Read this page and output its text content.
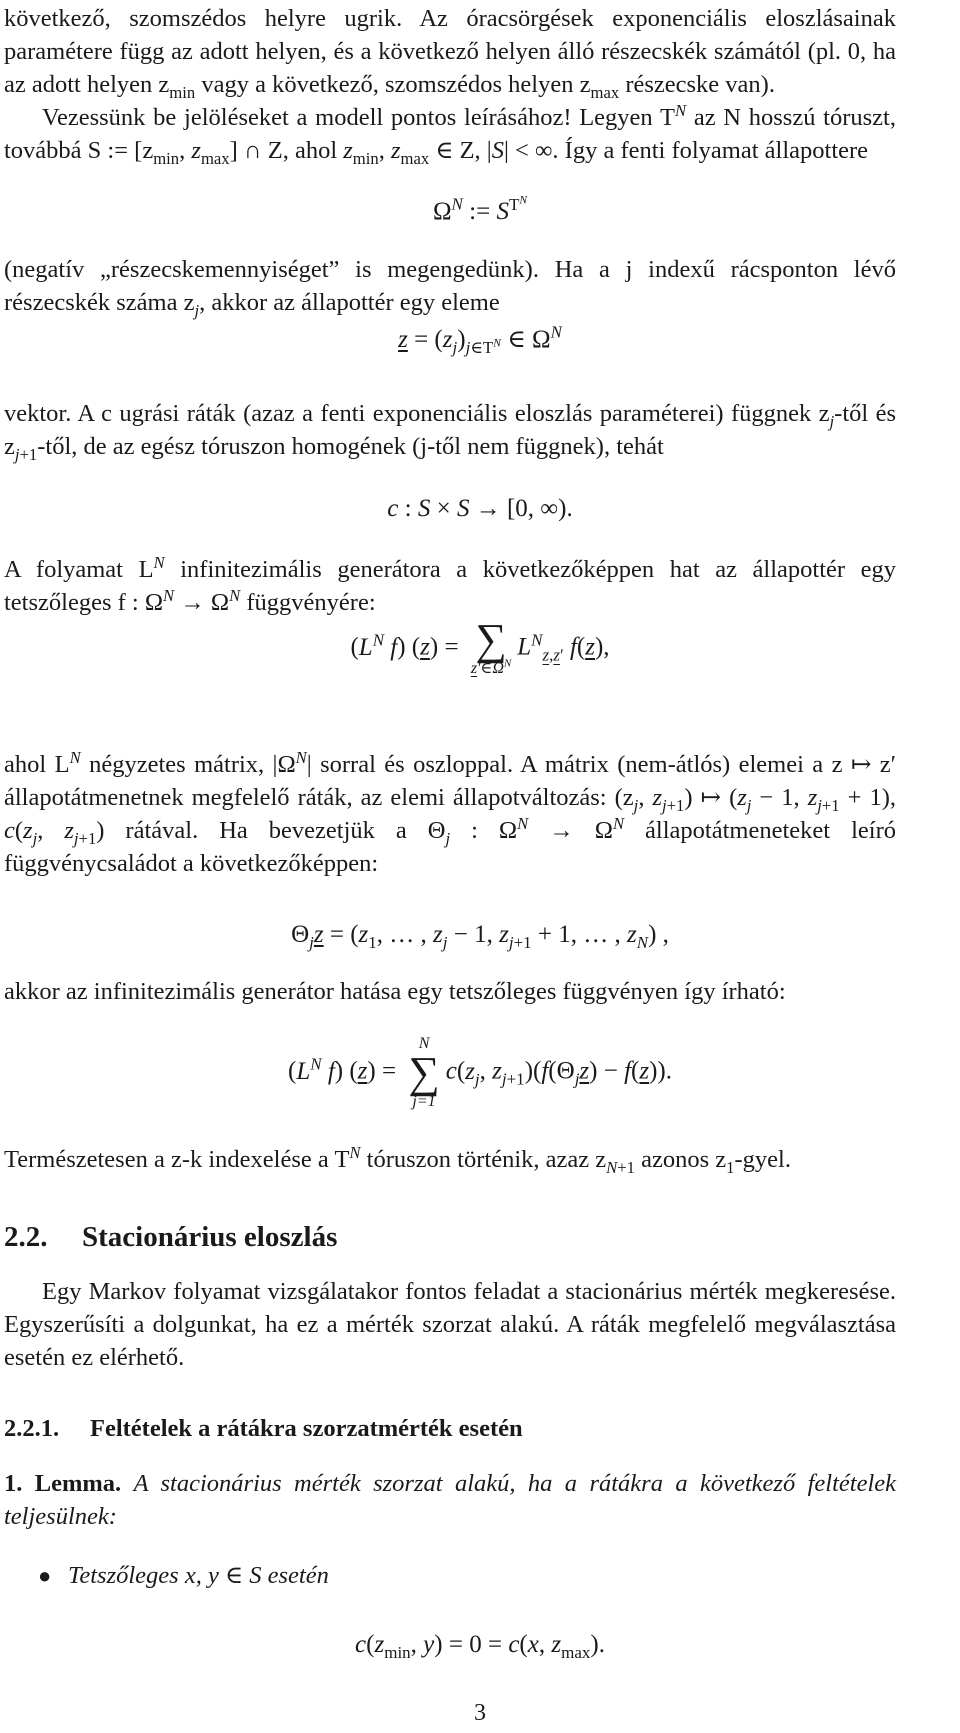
következő, szomszédos helyre ugrik. Az óracsörgések exponenciális eloszlásainak paramétere függ az adott helyen, és a következő helyen álló részecskék számától (pl. 0, ha az adott helyen $z_{min}$ vagy a következő, szomszédos helyen $z_{max}$ részecske van).

Vezessünk be jelöléseket a modell pontos leírásához! Legyen $T^N$ az N hosszú tóruszt, továbbá S := [$z_{min}$, $z_{max}$] ∩ Z, ahol $z_{min}$, $z_{max}$ ∈ Z, |S| < ∞. Így a fenti folyamat állapottere

$\Omega^N$ := $S^{T^N}$

(negatív „részecskemennyiséget” is megengedünk). Ha a j indexű rácsponton lévő részecskék száma $z_j$, akkor az állapottér egy eleme

$z = (z_j)_{j\in T^N}$ ∈ $\Omega^N$

vektor. A c ugrási ráták (azaz a fenti exponenciális eloszlás paraméterei) függnek $z_j$-től és $z_{j+1}$-től, de az egész tóruszon homogének (j-től nem függnek), tehát

c : S × S → [0, ∞).

A folyamat $L^N$ infinitezimális generátora a következőképpen hat az állapottér egy tetszőleges f : $\Omega^N \to \Omega^N$ függvényére:

($L^N$ f) (z) = ∑
$z'\in\Omega^N$
$L^N_{z,z'}$ f(z),

ahol $L^N$ négyzetes mátrix, $|\Omega^N|$ sorral és oszloppal. A mátrix (nem-átlós) elemei a z ↦ z′ állapotátmenetnek megfelelő ráták, az elemi állapotváltozás: ($z_j$, $z_{j+1}$) ↦ ($z_j - 1$, $z_{j+1} + 1$), $c(z_j$, $z_{j+1}$) rátával. Ha bevezetjük a $\Theta_j$ : $\Omega^N \to \Omega^N$ állapotátmeneteket leíró függvénycsaládot a következőképpen:

$\Theta_jz = (z_1$, … , $z_j - 1$, $z_{j+1} + 1$, … , $z_N$) ,

akkor az infinitezimális generátor hatása egy tetszőleges függvényen így írható:

($L^N$ f) (z) =
N
∑
j=1
$c(z_j$, $z_{j+1})(f(\Theta_jz) - f(z))$.

Természetesen a z-k indexelése a $T^N$ tóruszon történik, azaz $z_{N+1}$ azonos $z_1$-gyel.

2.2. Stacionárius eloszlás

Egy Markov folyamat vizsgálatakor fontos feladat a stacionárius mérték megkeresése. Egyszerűsíti a dolgunkat, ha ez a mérték szorzat alakú. A ráták megfelelő megválasztása esetén ez elérhető.

2.2.1. Feltételek a rátákra szorzatmérték esetén

1. Lemma. A stacionárius mérték szorzat alakú, ha a rátákra a következő feltételek teljesülnek:

● Tetszőleges x, y ∈ S esetén

$c(z_{min}$, y) = 0 = c(x, $z_{max}$).
3
